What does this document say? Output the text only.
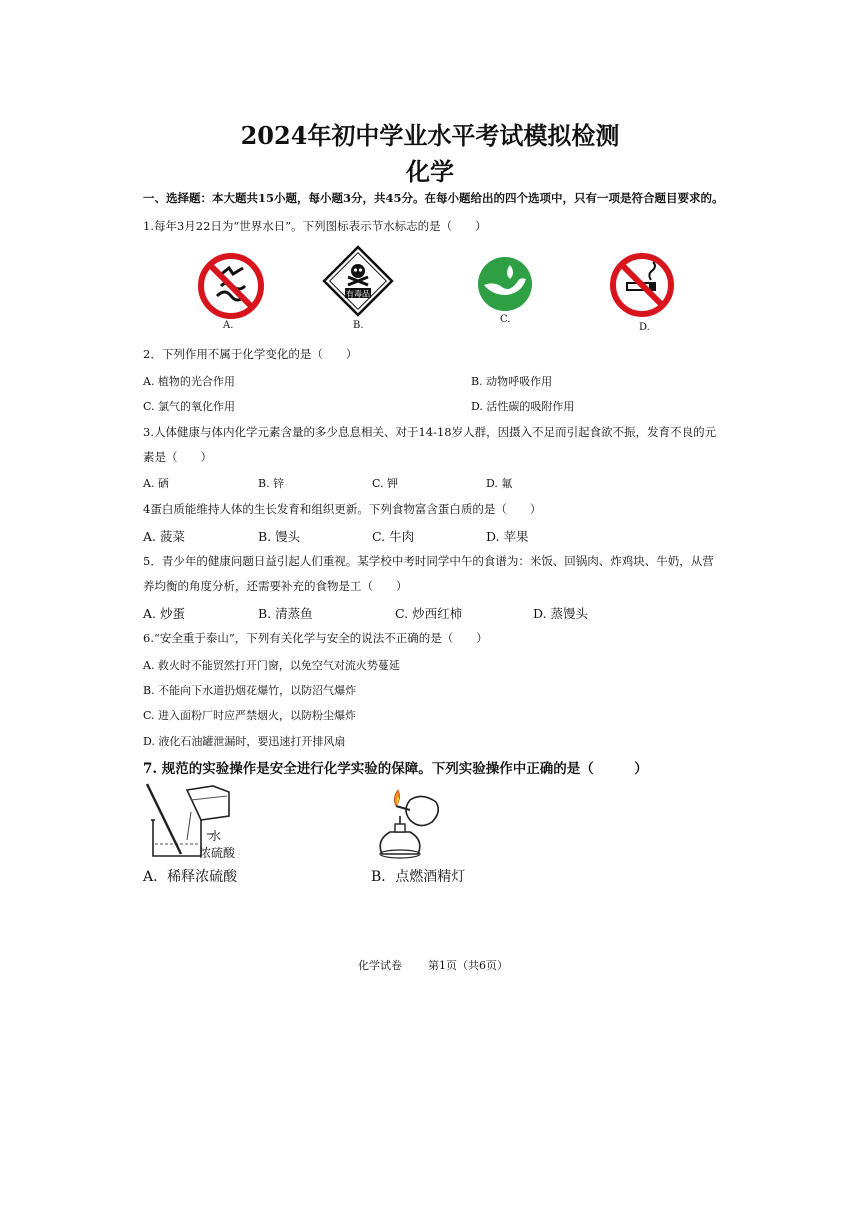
2024年初中学业水平考试模拟检测
化学
一、选择题：本大题共15小题，每小题3分，共45分。在每小题给出的四个选项中，只有一项是符合题目要求的。
1.每年3月22日为“世界水日”。下列图标表示节水标志的是（　　）
A.
有毒品
B.
C.
D.
2．下列作用不属于化学变化的是（　　）
A. 植物的光合作用	B. 动物呼吸作用
C. 氯气的氧化作用	D. 活性碳的吸附作用
3.人体健康与体内化学元素含量的多少息息相关、对于14-18岁人群，因摄入不足而引起食欲不振，发育不良的元
素是（　　）
A. 硒	B. 锌	C. 钾	D. 氟
4蛋白质能维持人体的生长发育和组织更新。下列食物富含蛋白质的是（　　）
A. 菠菜	B. 馒头	C. 牛肉	D. 苹果
5．青少年的健康问题日益引起人们重视。某学校中考时同学中午的食谱为：米饭、回锅肉、炸鸡块、牛奶，从营
养均衡的角度分析，还需要补充的食物是工（　　）
A. 炒蛋	B. 清蒸鱼	C. 炒西红柿	D. 蒸馒头
6.“安全重于泰山”，下列有关化学与安全的说法不正确的是（　　）
A. 救火时不能贸然打开门窗，以免空气对流火势蔓延
B. 不能向下水道扔烟花爆竹，以防沼气爆炸
C. 进入面粉厂时应严禁烟火，以防粉尘爆炸
D. 液化石油罐泄漏时，要迅速打开排风扇
7. 规范的实验操作是安全进行化学实验的保障。下列实验操作中正确的是（　　　）
水
浓硫酸
A．稀释浓硫酸	B．点燃酒精灯
化学试卷 第1页（共6页）
